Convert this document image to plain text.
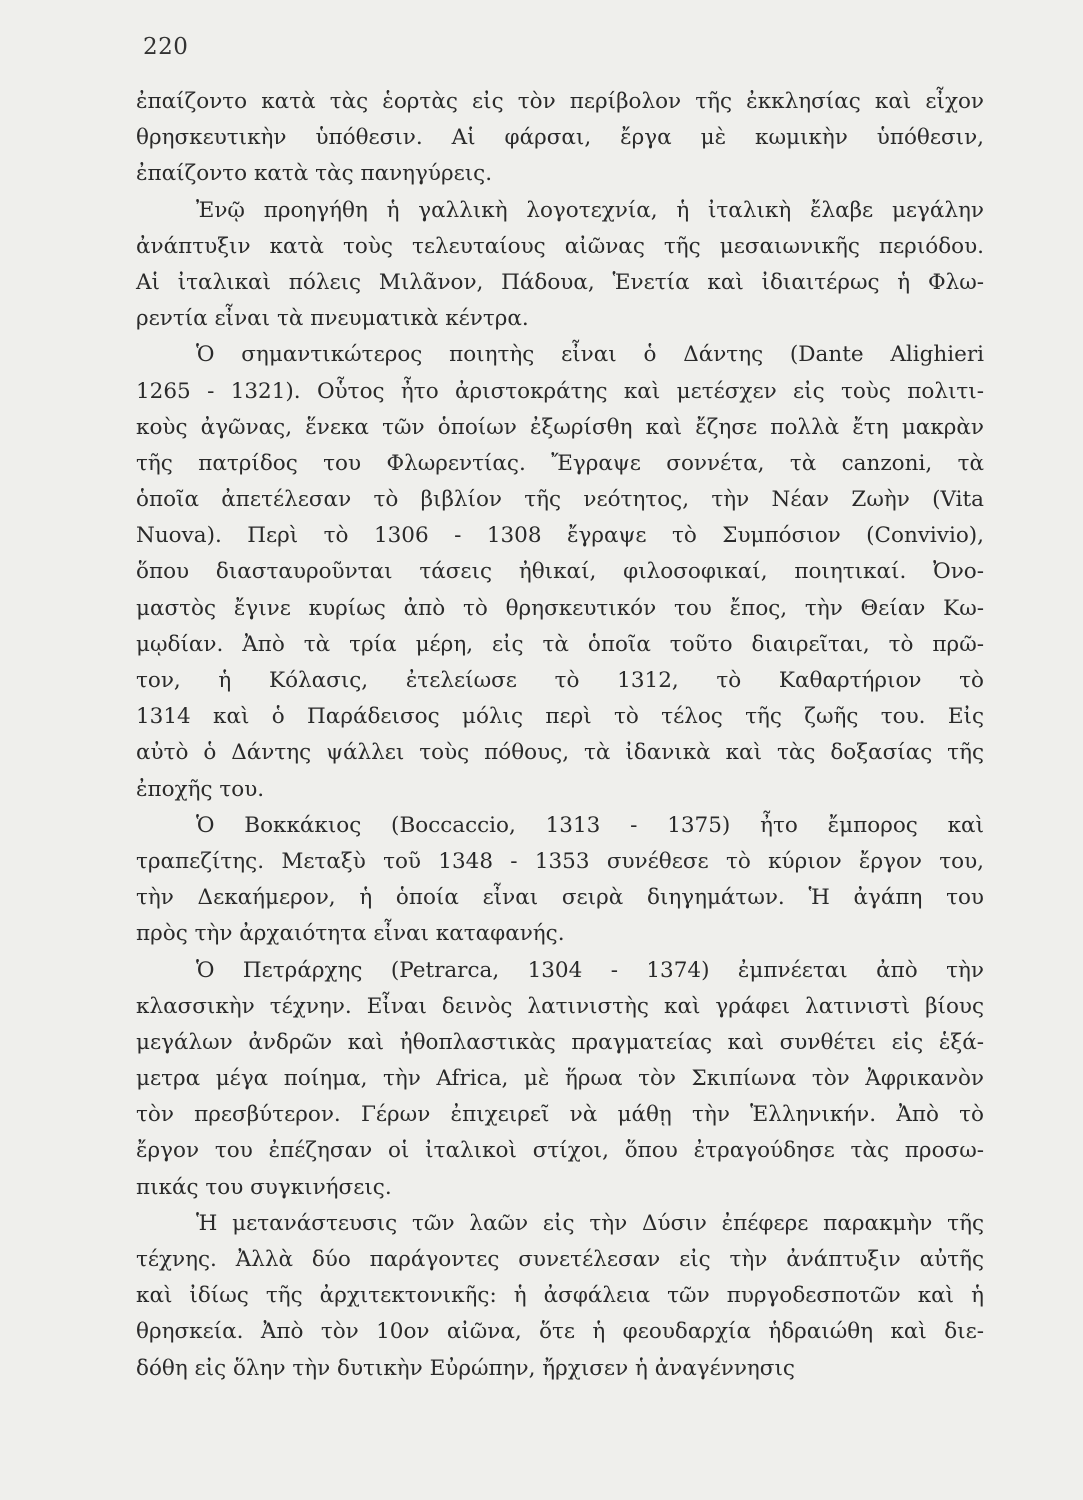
220
ἐπαίζοντο κατὰ τὰς ἑορτὰς εἰς τὸν περίβολον τῆς ἐκκλησίας καὶ εἶχον
θρησκευτικὴν ὑπόθεσιν. Αἱ φάρσαι, ἔργα μὲ κωμικὴν ὑπόθεσιν,
ἐπαίζοντο κατὰ τὰς πανηγύρεις.
Ἐνῷ προηγήθη ἡ γαλλικὴ λογοτεχνία, ἡ ἰταλικὴ ἔλαβε μεγάλην
ἀνάπτυξιν κατὰ τοὺς τελευταίους αἰῶνας τῆς μεσαιωνικῆς περιόδου.
Αἱ ἰταλικαὶ πόλεις Μιλᾶνον, Πάδουα, Ἑνετία καὶ ἰδιαιτέρως ἡ Φλω-
ρεντία εἶναι τὰ πνευματικὰ κέντρα.
Ὁ σημαντικώτερος ποιητὴς εἶναι ὁ Δάντης (Dante Alighieri
1265 - 1321). Οὗτος ἦτο ἀριστοκράτης καὶ μετέσχεν εἰς τοὺς πολιτι-
κοὺς ἀγῶνας, ἕνεκα τῶν ὁποίων ἐξωρίσθη καὶ ἔζησε πολλὰ ἔτη μακρὰν
τῆς πατρίδος του Φλωρεντίας. Ἔγραψε σοννέτα, τὰ canzoni, τὰ
ὁποῖα ἀπετέλεσαν τὸ βιβλίον τῆς νεότητος, τὴν Νέαν Ζωὴν (Vita
Nuova). Περὶ τὸ 1306 - 1308 ἔγραψε τὸ Συμπόσιον (Convivio),
ὅπου διασταυροῦνται τάσεις ἠθικαί, φιλοσοφικαί, ποιητικαί. Ὀνο-
μαστὸς ἔγινε κυρίως ἀπὸ τὸ θρησκευτικόν του ἔπος, τὴν Θείαν Κω-
μῳδίαν. Ἀπὸ τὰ τρία μέρη, εἰς τὰ ὁποῖα τοῦτο διαιρεῖται, τὸ πρῶ-
τον, ἡ Κόλασις, ἐτελείωσε τὸ 1312, τὸ Καθαρτήριον τὸ
1314 καὶ ὁ Παράδεισος μόλις περὶ τὸ τέλος τῆς ζωῆς του. Εἰς
αὐτὸ ὁ Δάντης ψάλλει τοὺς πόθους, τὰ ἰδανικὰ καὶ τὰς δοξασίας τῆς
ἐποχῆς του.
Ὁ Βοκκάκιος (Boccaccio, 1313 - 1375) ἦτο ἔμπορος καὶ
τραπεζίτης. Μεταξὺ τοῦ 1348 - 1353 συνέθεσε τὸ κύριον ἔργον του,
τὴν Δεκαήμερον, ἡ ὁποία εἶναι σειρὰ διηγημάτων. Ἡ ἀγάπη του
πρὸς τὴν ἀρχαιότητα εἶναι καταφανής.
Ὁ Πετράρχης (Petrarca, 1304 - 1374) ἐμπνέεται ἀπὸ τὴν
κλασσικὴν τέχνην. Εἶναι δεινὸς λατινιστὴς καὶ γράφει λατινιστὶ βίους
μεγάλων ἀνδρῶν καὶ ἠθοπλαστικὰς πραγματείας καὶ συνθέτει εἰς ἑξά-
μετρα μέγα ποίημα, τὴν Africa, μὲ ἥρωα τὸν Σκιπίωνα τὸν Ἀφρικανὸν
τὸν πρεσβύτερον. Γέρων ἐπιχειρεῖ νὰ μάθῃ τὴν Ἑλληνικήν. Ἀπὸ τὸ
ἔργον του ἐπέζησαν οἱ ἰταλικοὶ στίχοι, ὅπου ἐτραγούδησε τὰς προσω-
πικάς του συγκινήσεις.
Ἡ μετανάστευσις τῶν λαῶν εἰς τὴν Δύσιν ἐπέφερε παρακμὴν τῆς
τέχνης. Ἀλλὰ δύο παράγοντες συνετέλεσαν εἰς τὴν ἀνάπτυξιν αὐτῆς
καὶ ἰδίως τῆς ἀρχιτεκτονικῆς: ἡ ἀσφάλεια τῶν πυργοδεσποτῶν καὶ ἡ
θρησκεία. Ἀπὸ τὸν 10ον αἰῶνα, ὅτε ἡ φεουδαρχία ἡδραιώθη καὶ διε-
δόθη εἰς ὅλην τὴν δυτικὴν Εὐρώπην, ἤρχισεν ἡ ἀναγέννησις
